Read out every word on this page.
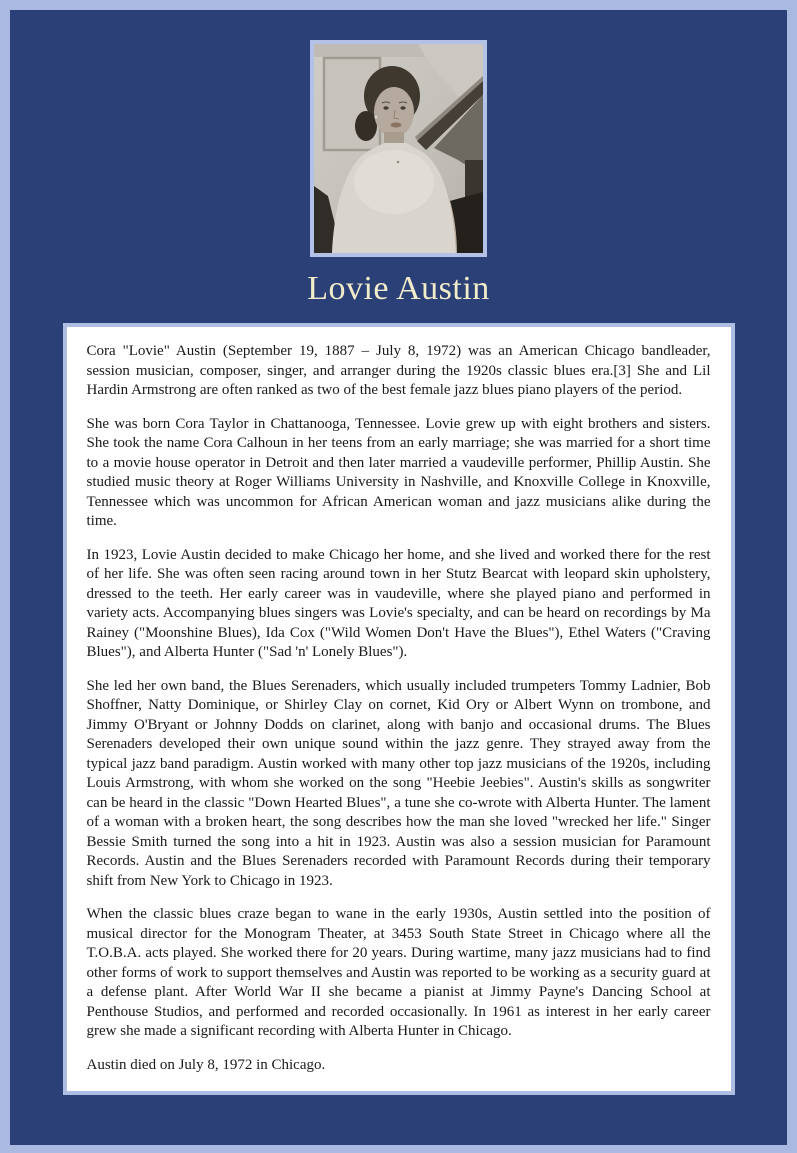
Lovie Austin

Cora "Lovie" Austin (September 19, 1887 – July 8, 1972) was an American Chicago bandleader, session musician, composer, singer, and arranger during the 1920s classic blues era.[3] She and Lil Hardin Armstrong are often ranked as two of the best female jazz blues piano players of the period.

She was born Cora Taylor in Chattanooga, Tennessee. Lovie grew up with eight brothers and sisters. She took the name Cora Calhoun in her teens from an early marriage; she was married for a short time to a movie house operator in Detroit and then later married a vaudeville performer, Phillip Austin. She studied music theory at Roger Williams University in Nashville, and Knoxville College in Knoxville, Tennessee which was uncommon for African American woman and jazz musicians alike during the time.

In 1923, Lovie Austin decided to make Chicago her home, and she lived and worked there for the rest of her life. She was often seen racing around town in her Stutz Bearcat with leopard skin upholstery, dressed to the teeth. Her early career was in vaudeville, where she played piano and performed in variety acts. Accompanying blues singers was Lovie's specialty, and can be heard on recordings by Ma Rainey ("Moonshine Blues), Ida Cox ("Wild Women Don't Have the Blues"), Ethel Waters ("Craving Blues"), and Alberta Hunter ("Sad 'n' Lonely Blues").

She led her own band, the Blues Serenaders, which usually included trumpeters Tommy Ladnier, Bob Shoffner, Natty Dominique, or Shirley Clay on cornet, Kid Ory or Albert Wynn on trombone, and Jimmy O'Bryant or Johnny Dodds on clarinet, along with banjo and occasional drums. The Blues Serenaders developed their own unique sound within the jazz genre. They strayed away from the typical jazz band paradigm. Austin worked with many other top jazz musicians of the 1920s, including Louis Armstrong, with whom she worked on the song "Heebie Jeebies". Austin's skills as songwriter can be heard in the classic "Down Hearted Blues", a tune she co-wrote with Alberta Hunter. The lament of a woman with a broken heart, the song describes how the man she loved "wrecked her life." Singer Bessie Smith turned the song into a hit in 1923. Austin was also a session musician for Paramount Records. Austin and the Blues Serenaders recorded with Paramount Records during their temporary shift from New York to Chicago in 1923.

When the classic blues craze began to wane in the early 1930s, Austin settled into the position of musical director for the Monogram Theater, at 3453 South State Street in Chicago where all the T.O.B.A. acts played. She worked there for 20 years. During wartime, many jazz musicians had to find other forms of work to support themselves and Austin was reported to be working as a security guard at a defense plant. After World War II she became a pianist at Jimmy Payne's Dancing School at Penthouse Studios, and performed and recorded occasionally. In 1961 as interest in her early career grew she made a significant recording with Alberta Hunter in Chicago.

Austin died on July 8, 1972 in Chicago.
